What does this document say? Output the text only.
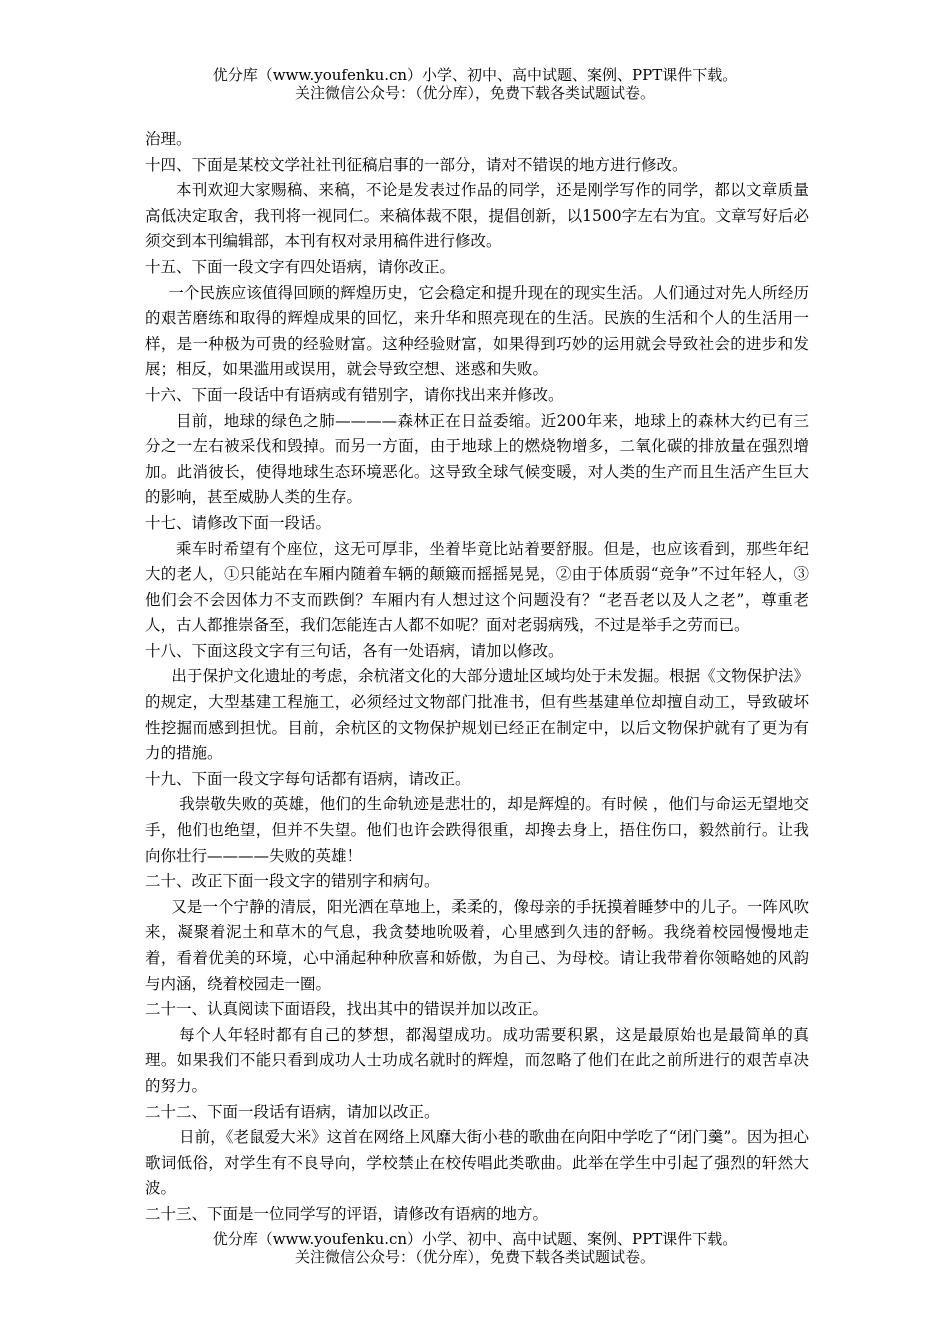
优分库（www.youfenku.cn）小学、初中、高中试题、案例、PPT课件下载。
关注微信公众号：（优分库），免费下载各类试题试卷。

治理。

十四、下面是某校文学社社刊征稿启事的一部分，请对不错误的地方进行修改。

本刊欢迎大家赐稿、来稿，不论是发表过作品的同学，还是刚学写作的同学，都以文章质量高低决定取舍，我刊将一视同仁。来稿体裁不限，提倡创新，以1500字左右为宜。文章写好后必须交到本刊编辑部，本刊有权对录用稿件进行修改。

十五、下面一段文字有四处语病，请你改正。

一个民族应该值得回顾的辉煌历史，它会稳定和提升现在的现实生活。人们通过对先人所经历的艰苦磨练和取得的辉煌成果的回忆，来升华和照亮现在的生活。民族的生活和个人的生活用一样，是一种极为可贵的经验财富。这种经验财富，如果得到巧妙的运用就会导致社会的进步和发展；相反，如果滥用或误用，就会导致空想、迷惑和失败。

十六、下面一段话中有语病或有错别字，请你找出来并修改。

目前，地球的绿色之肺————森林正在日益委缩。近200年来，地球上的森林大约已有三分之一左右被采伐和毁掉。而另一方面，由于地球上的燃烧物增多，二氧化碳的排放量在强烈增加。此消彼长，使得地球生态环境恶化。这导致全球气候变暖，对人类的生产而且生活产生巨大的影响，甚至威胁人类的生存。

十七、请修改下面一段话。

乘车时希望有个座位，这无可厚非，坐着毕竟比站着要舒服。但是，也应该看到，那些年纪大的老人，①只能站在车厢内随着车辆的颠簸而摇摇晃晃，②由于体质弱“竞争”不过年轻人，③他们会不会因体力不支而跌倒？车厢内有人想过这个问题没有？“老吾老以及人之老”，尊重老人，古人都推崇备至，我们怎能连古人都不如呢？面对老弱病残，不过是举手之劳而已。

十八、下面这段文字有三句话，各有一处语病，请加以修改。

出于保护文化遗址的考虑，余杭渚文化的大部分遗址区域均处于未发掘。根据《文物保护法》的规定，大型基建工程施工，必须经过文物部门批准书，但有些基建单位却擅自动工，导致破坏性挖掘而感到担忧。目前，余杭区的文物保护规划已经正在制定中，以后文物保护就有了更为有力的措施。

十九、下面一段文字每句话都有语病，请改正。

我崇敬失败的英雄，他们的生命轨迹是悲壮的，却是辉煌的。有时候 ，他们与命运无望地交手，他们也绝望，但并不失望。他们也许会跌得很重，却搀去身上，捂住伤口，毅然前行。让我向你壮行————失败的英雄！

二十、改正下面一段文字的错别字和病句。

又是一个宁静的清辰，阳光洒在草地上，柔柔的，像母亲的手抚摸着睡梦中的儿子。一阵风吹来，凝聚着泥土和草木的气息，我贪婪地吮吸着，心里感到久违的舒畅。我绕着校园慢慢地走着，看着优美的环境，心中涌起种种欣喜和娇傲，为自己、为母校。请让我带着你领略她的风韵与内涵，绕着校园走一圈。

二十一、认真阅读下面语段，找出其中的错误并加以改正。

每个人年轻时都有自己的梦想，都渴望成功。成功需要积累，这是最原始也是最简单的真理。如果我们不能只看到成功人士功成名就时的辉煌，而忽略了他们在此之前所进行的艰苦卓决的努力。

二十二、下面一段话有语病，请加以改正。

日前，《老鼠爱大米》这首在网络上风靡大街小巷的歌曲在向阳中学吃了“闭门羹”。因为担心歌词低俗，对学生有不良导向，学校禁止在校传唱此类歌曲。此举在学生中引起了强烈的轩然大波。

二十三、下面是一位同学写的评语，请修改有语病的地方。

优分库（www.youfenku.cn）小学、初中、高中试题、案例、PPT课件下载。
关注微信公众号：（优分库），免费下载各类试题试卷。
